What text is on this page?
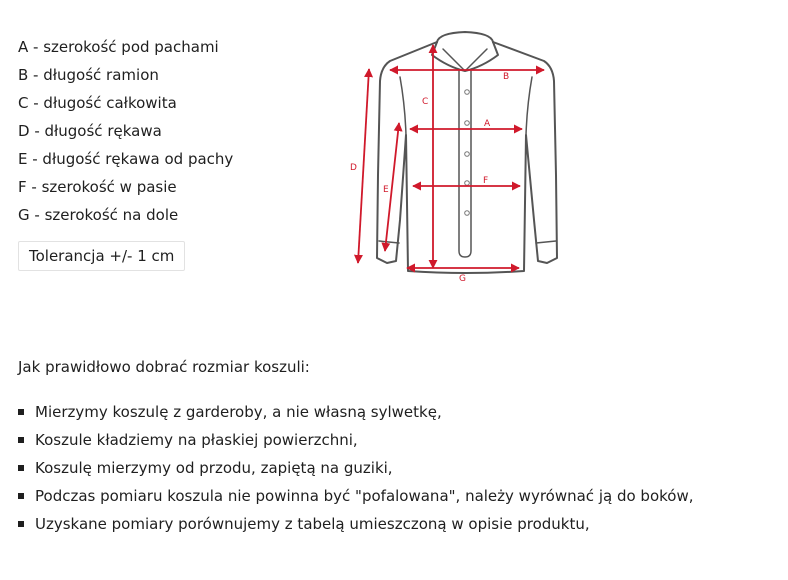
A - szerokość pod pachami
B - długość ramion
C - długość całkowita
D - długość rękawa
E - długość rękawa od pachy
F - szerokość w pasie
G - szerokość na dole
Tolerancja +/- 1 cm
B
C
A
D
E
F
G
Jak prawidłowo dobrać rozmiar koszuli:
Mierzymy koszulę z garderoby, a nie własną sylwetkę,
Koszule kładziemy na płaskiej powierzchni,
Koszulę mierzymy od przodu, zapiętą na guziki,
Podczas pomiaru koszula nie powinna być "pofalowana", należy wyrównać ją do boków,
Uzyskane pomiary porównujemy z tabelą umieszczoną w opisie produktu,
